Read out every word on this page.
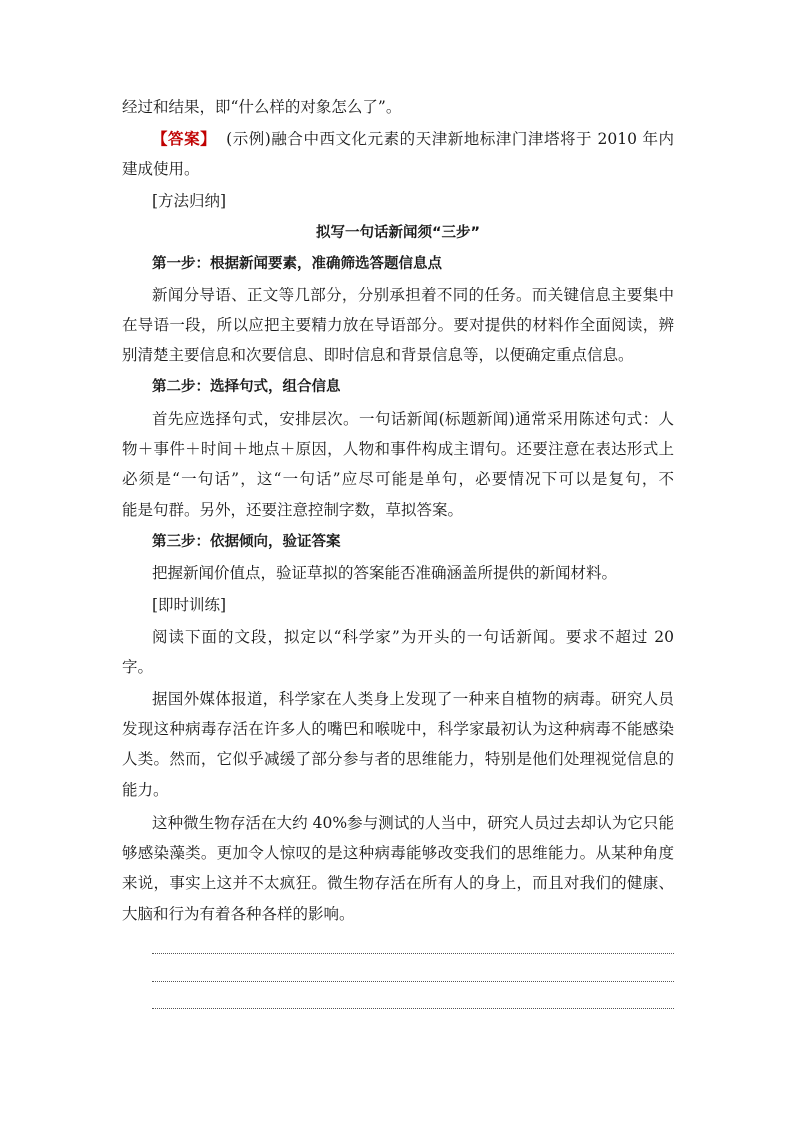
经过和结果，即“什么样的对象怎么了”。
【答案】 (示例)融合中西文化元素的天津新地标津门津塔将于 2010 年内
建成使用。
[方法归纳]
拟写一句话新闻须“三步”
第一步：根据新闻要素，准确筛选答题信息点
新闻分导语、正文等几部分，分别承担着不同的任务。而关键信息主要集中
在导语一段，所以应把主要精力放在导语部分。要对提供的材料作全面阅读，辨
别清楚主要信息和次要信息、即时信息和背景信息等，以便确定重点信息。
第二步：选择句式，组合信息
首先应选择句式，安排层次。一句话新闻(标题新闻)通常采用陈述句式：人
物＋事件＋时间＋地点＋原因，人物和事件构成主谓句。还要注意在表达形式上
必须是“一句话”，这“一句话”应尽可能是单句，必要情况下可以是复句，不
能是句群。另外，还要注意控制字数，草拟答案。
第三步：依据倾向，验证答案
把握新闻价值点，验证草拟的答案能否准确涵盖所提供的新闻材料。
[即时训练]
阅读下面的文段，拟定以“科学家”为开头的一句话新闻。要求不超过 20
字。
据国外媒体报道，科学家在人类身上发现了一种来自植物的病毒。研究人员
发现这种病毒存活在许多人的嘴巴和喉咙中，科学家最初认为这种病毒不能感染
人类。然而，它似乎减缓了部分参与者的思维能力，特别是他们处理视觉信息的
能力。
这种微生物存活在大约 40%参与测试的人当中，研究人员过去却认为它只能
够感染藻类。更加令人惊叹的是这种病毒能够改变我们的思维能力。从某种角度
来说，事实上这并不太疯狂。微生物存活在所有人的身上，而且对我们的健康、
大脑和行为有着各种各样的影响。
